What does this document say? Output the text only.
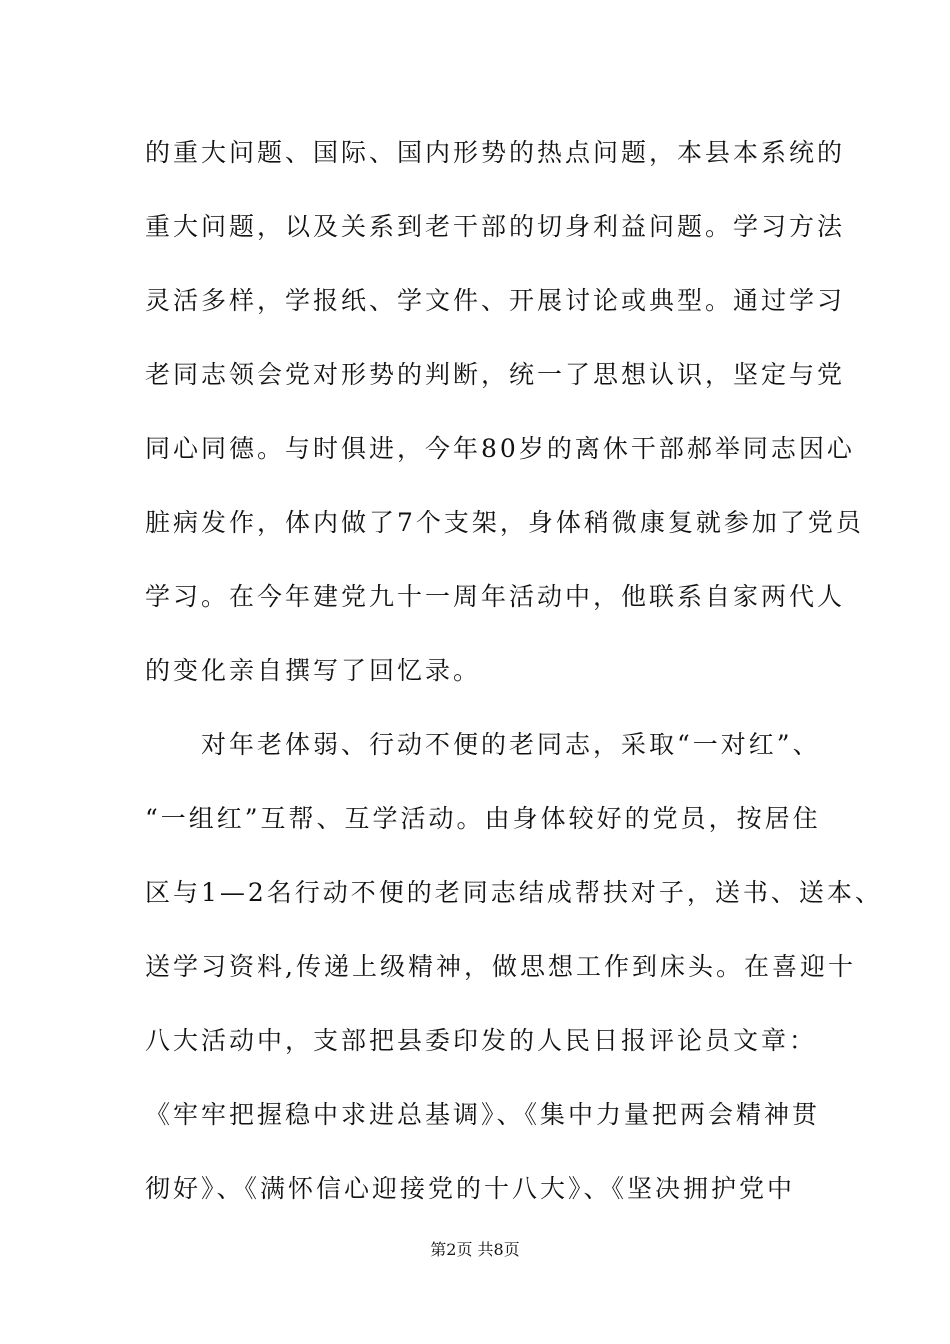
的重大问题、国际、国内形势的热点问题，本县本系统的
重大问题，以及关系到老干部的切身利益问题。学习方法
灵活多样，学报纸、学文件、开展讨论或典型。通过学习
老同志领会党对形势的判断，统一了思想认识，坚定与党
同心同德。与时俱进，今年80岁的离休干部郝举同志因心
脏病发作，体内做了7个支架，身体稍微康复就参加了党员
学习。在今年建党九十一周年活动中，他联系自家两代人
的变化亲自撰写了回忆录。
　　对年老体弱、行动不便的老同志，采取“一对红”、
“一组红”互帮、互学活动。由身体较好的党员，按居住
区与1—2名行动不便的老同志结成帮扶对子，送书、送本、
送学习资料,传递上级精神，做思想工作到床头。在喜迎十
八大活动中，支部把县委印发的人民日报评论员文章：
《牢牢把握稳中求进总基调》、《集中力量把两会精神贯
彻好》、《满怀信心迎接党的十八大》、《坚决拥护党中
第2页 共8页
